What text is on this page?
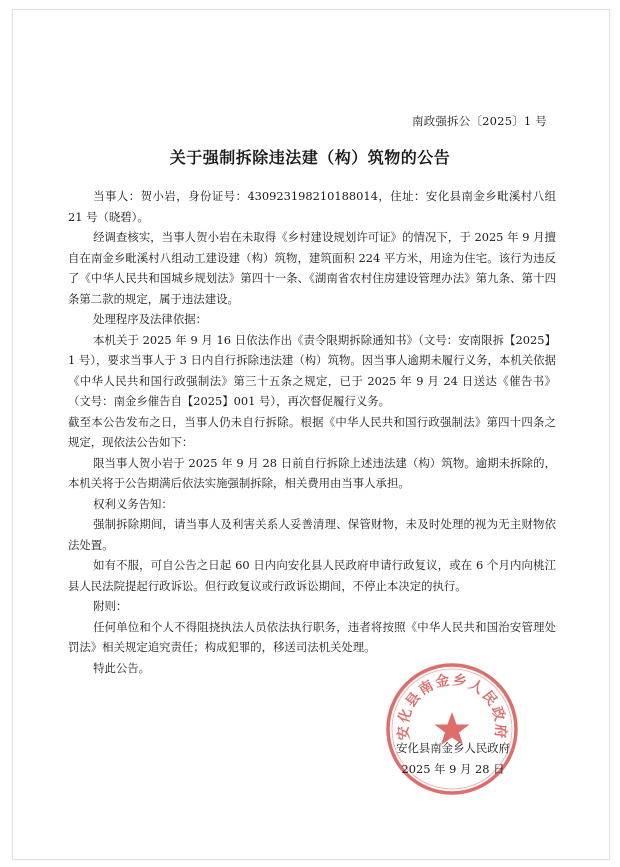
南政强拆公〔2025〕1 号
关于强制拆除违法建（构）筑物的公告

当事人：贺小岩，身份证号：430923198210188014，住址：安化县南金乡毗溪村八组 21 号（晓碧）。

经调查核实，当事人贺小岩在未取得《乡村建设规划许可证》的情况下，于 2025 年 9 月擅自在南金乡毗溪村八组动工建设建（构）筑物，建筑面积 224 平方米，用途为住宅。该行为违反了《中华人民共和国城乡规划法》第四十一条、《湖南省农村住房建设管理办法》第九条、第十四条第二款的规定，属于违法建设。

处理程序及法律依据：

本机关于 2025 年 9 月 16 日依法作出《责令限期拆除通知书》（文号：安南限拆【2025】1 号），要求当事人于 3 日内自行拆除违法建（构）筑物。因当事人逾期未履行义务，本机关依据《中华人民共和国行政强制法》第三十五条之规定，已于 2025 年 9 月 24 日送达《催告书》（文号：南金乡催告自【2025】001 号），再次督促履行义务。

截至本公告发布之日，当事人仍未自行拆除。根据《中华人民共和国行政强制法》第四十四条之规定，现依法公告如下：

限当事人贺小岩于 2025 年 9 月 28 日前自行拆除上述违法建（构）筑物。逾期未拆除的，本机关将于公告期满后依法实施强制拆除，相关费用由当事人承担。

权利义务告知：

强制拆除期间，请当事人及利害关系人妥善清理、保管财物，未及时处理的视为无主财物依法处置。

如有不服，可自公告之日起 60 日内向安化县人民政府申请行政复议，或在 6 个月内向桃江县人民法院提起行政诉讼。但行政复议或行政诉讼期间，不停止本决定的执行。

附则：

任何单位和个人不得阻挠执法人员依法执行职务，违者将按照《中华人民共和国治安管理处罚法》相关规定追究责任；构成犯罪的，移送司法机关处理。

特此公告。

安化县南金乡人民政府
安化县南金乡人民政府
2025 年 9 月 28 日
